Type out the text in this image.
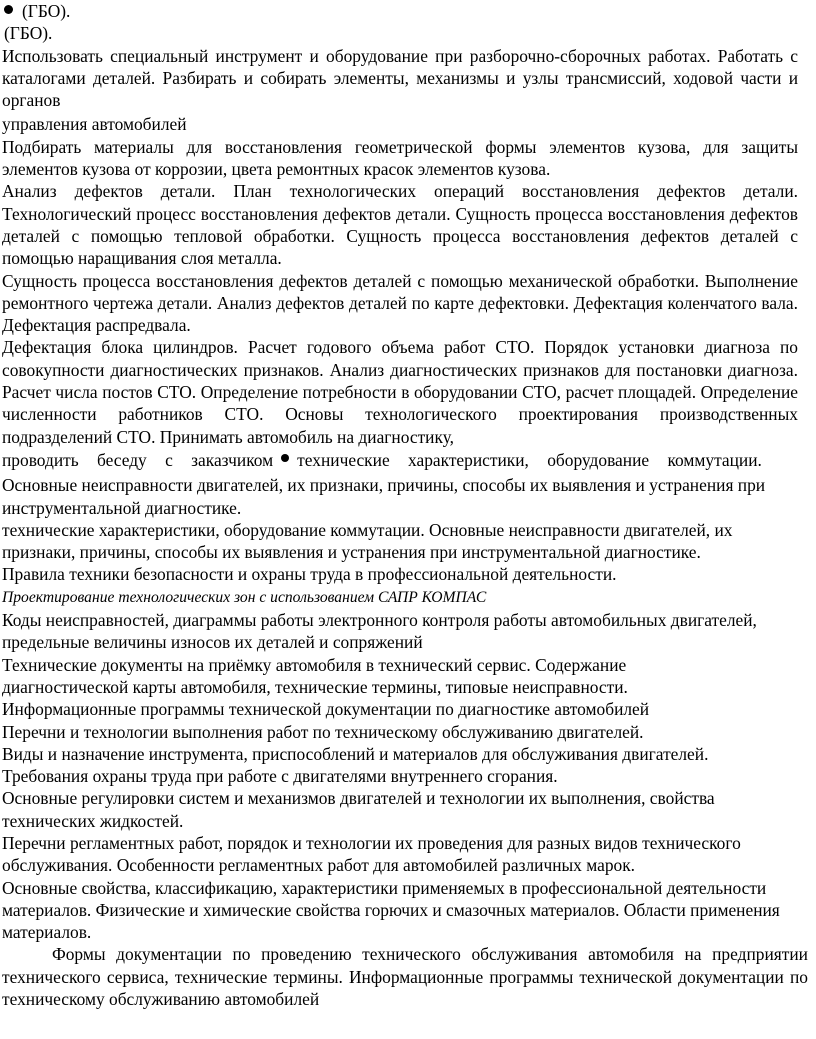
(ГБО).
(ГБО).

Использовать специальный инструмент и оборудование при разборочно-сборочных работах. Работать с каталогами деталей. Разбирать и собирать элементы, механизмы и узлы трансмиссий, ходовой части и органов

управления автомобилей

Подбирать материалы для восстановления геометрической формы элементов кузова, для защиты элементов кузова от коррозии, цвета ремонтных красок элементов кузова.

Анализ дефектов детали. План технологических операций восстановления дефектов детали. Технологический процесс восстановления дефектов детали. Сущность процесса восстановления дефектов деталей с помощью тепловой обработки. Сущность процесса восстановления дефектов деталей с помощью наращивания слоя металла.

Сущность процесса восстановления дефектов деталей с помощью механической обработки. Выполнение ремонтного чертежа детали. Анализ дефектов деталей по карте дефектовки. Дефектация коленчатого вала. Дефектация распредвала.

Дефектация блока цилиндров. Расчет годового объема работ СТО. Порядок установки диагноза по совокупности диагностических признаков. Анализ диагностических признаков для постановки диагноза. Расчет числа постов СТО. Определение потребности в оборудовании СТО, расчет площадей. Определение численности работников СТО. Основы технологического проектирования производственных подразделений СТО. Принимать автомобиль на диагностику,

проводить беседу с заказчиком технические характеристики, оборудование коммутации.

Основные неисправности двигателей, их признаки, причины, способы их выявления и устранения при инструментальной диагностике.

технические характеристики, оборудование коммутации. Основные неисправности двигателей, их признаки, причины, способы их выявления и устранения при инструментальной диагностике.

Правила техники безопасности и охраны труда в профессиональной деятельности.

Проектирование технологических зон с использованием САПР КОМПАС

Коды неисправностей, диаграммы работы электронного контроля работы автомобильных двигателей, предельные величины износов их деталей и сопряжений

Технические документы на приёмку автомобиля в технический сервис. Содержание диагностической карты автомобиля, технические термины, типовые неисправности.

Информационные программы технической документации по диагностике автомобилей

Перечни и технологии выполнения работ по техническому обслуживанию двигателей.

Виды и назначение инструмента, приспособлений и материалов для обслуживания двигателей.

Требования охраны труда при работе с двигателями внутреннего сгорания.

Основные регулировки систем и механизмов двигателей и технологии их выполнения, свойства технических жидкостей.

Перечни регламентных работ, порядок и технологии их проведения для разных видов технического обслуживания. Особенности регламентных работ для автомобилей различных марок.

Основные свойства, классификацию, характеристики применяемых в профессиональной деятельности материалов. Физические и химические свойства горючих и смазочных материалов. Области применения материалов.

Формы документации по проведению технического обслуживания автомобиля на предприятии технического сервиса, технические термины. Информационные программы технической документации по техническому обслуживанию автомобилей
